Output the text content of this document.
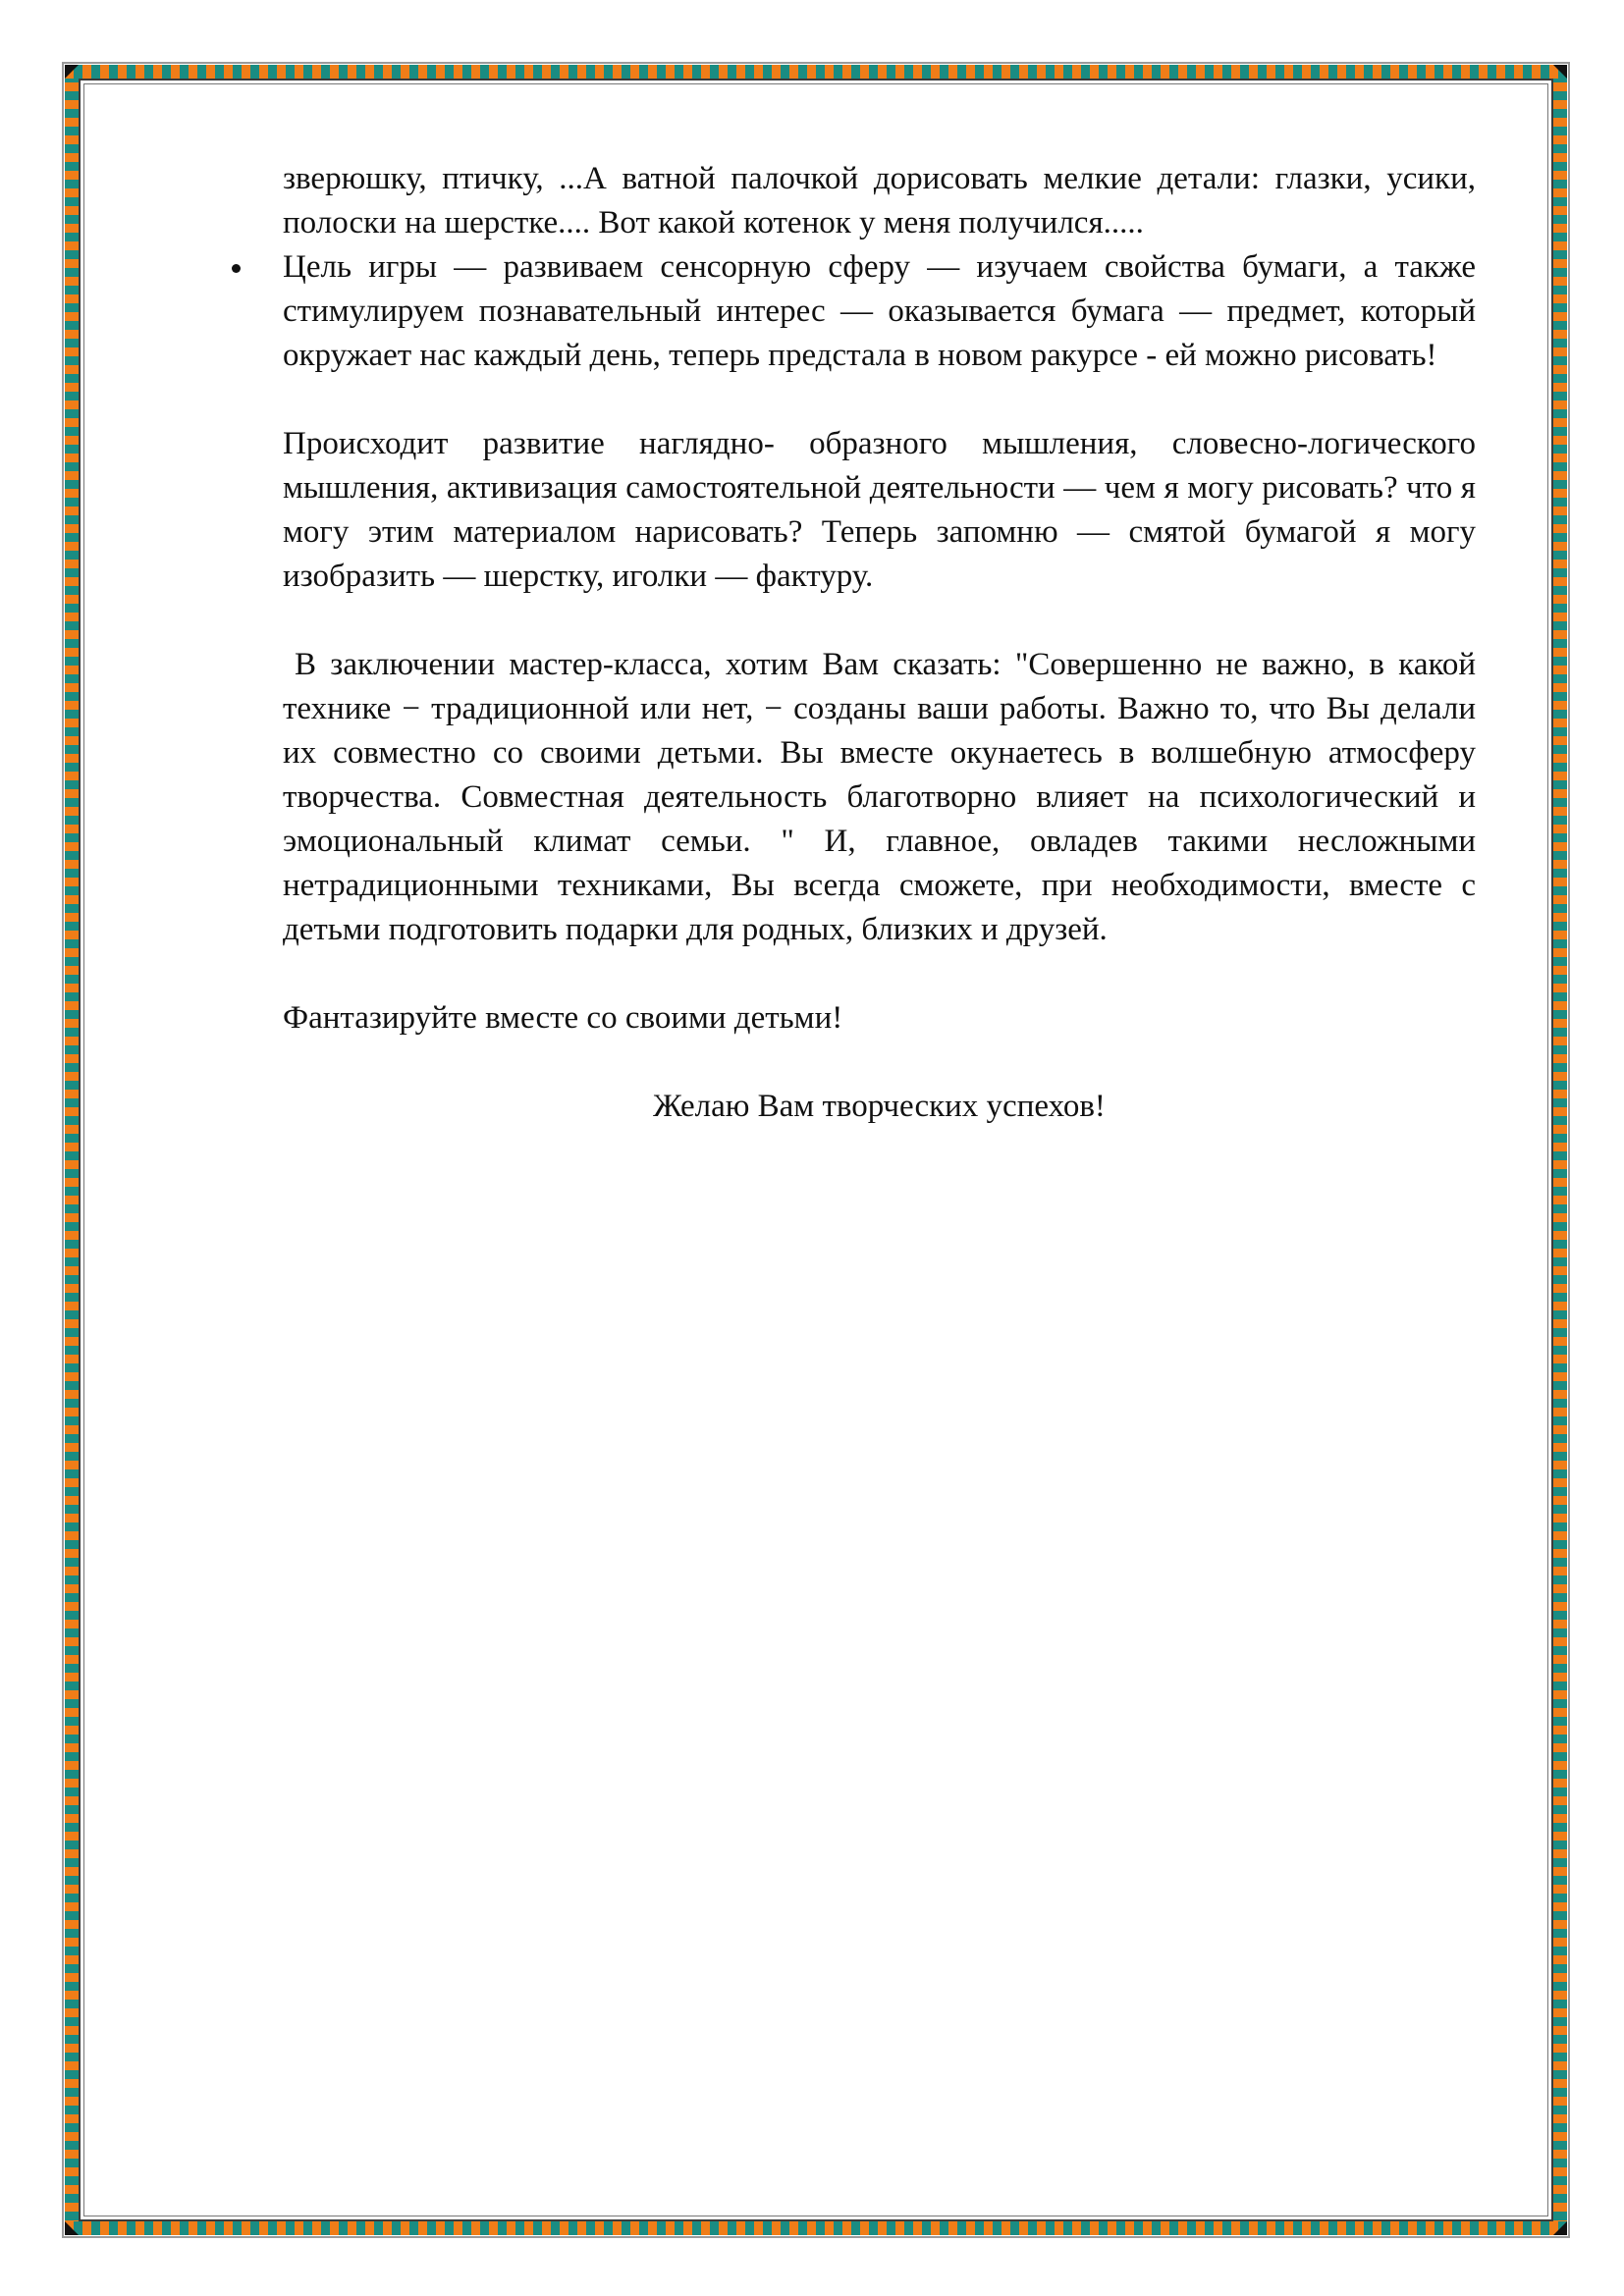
зверюшку, птичку, ...А ватной палочкой дорисовать мелкие детали: глазки, усики, полоски на шерстке.... Вот какой котенок у меня получился.....

Цель игры — развиваем сенсорную сферу — изучаем свойства бумаги, а также стимулируем познавательный интерес — оказывается бумага — предмет, который окружает нас каждый день, теперь предстала в новом ракурсе - ей можно рисовать!

Происходит развитие наглядно- образного мышления, словесно-логического мышления, активизация самостоятельной деятельности — чем я могу рисовать? что я могу этим материалом нарисовать? Теперь запомню — смятой бумагой я могу изобразить — шерстку, иголки — фактуру.

В заключении мастер-класса, хотим Вам сказать: "Совершенно не важно, в какой технике − традиционной или нет, − созданы ваши работы. Важно то, что Вы делали их совместно со своими детьми. Вы вместе окунаетесь в волшебную атмосферу творчества. Совместная деятельность благотворно влияет на психологический и эмоциональный климат семьи. " И, главное, овладев такими несложными нетрадиционными техниками, Вы всегда сможете, при необходимости, вместе с детьми подготовить подарки для родных, близких и друзей.

Фантазируйте вместе со своими детьми!

Желаю Вам творческих успехов!
